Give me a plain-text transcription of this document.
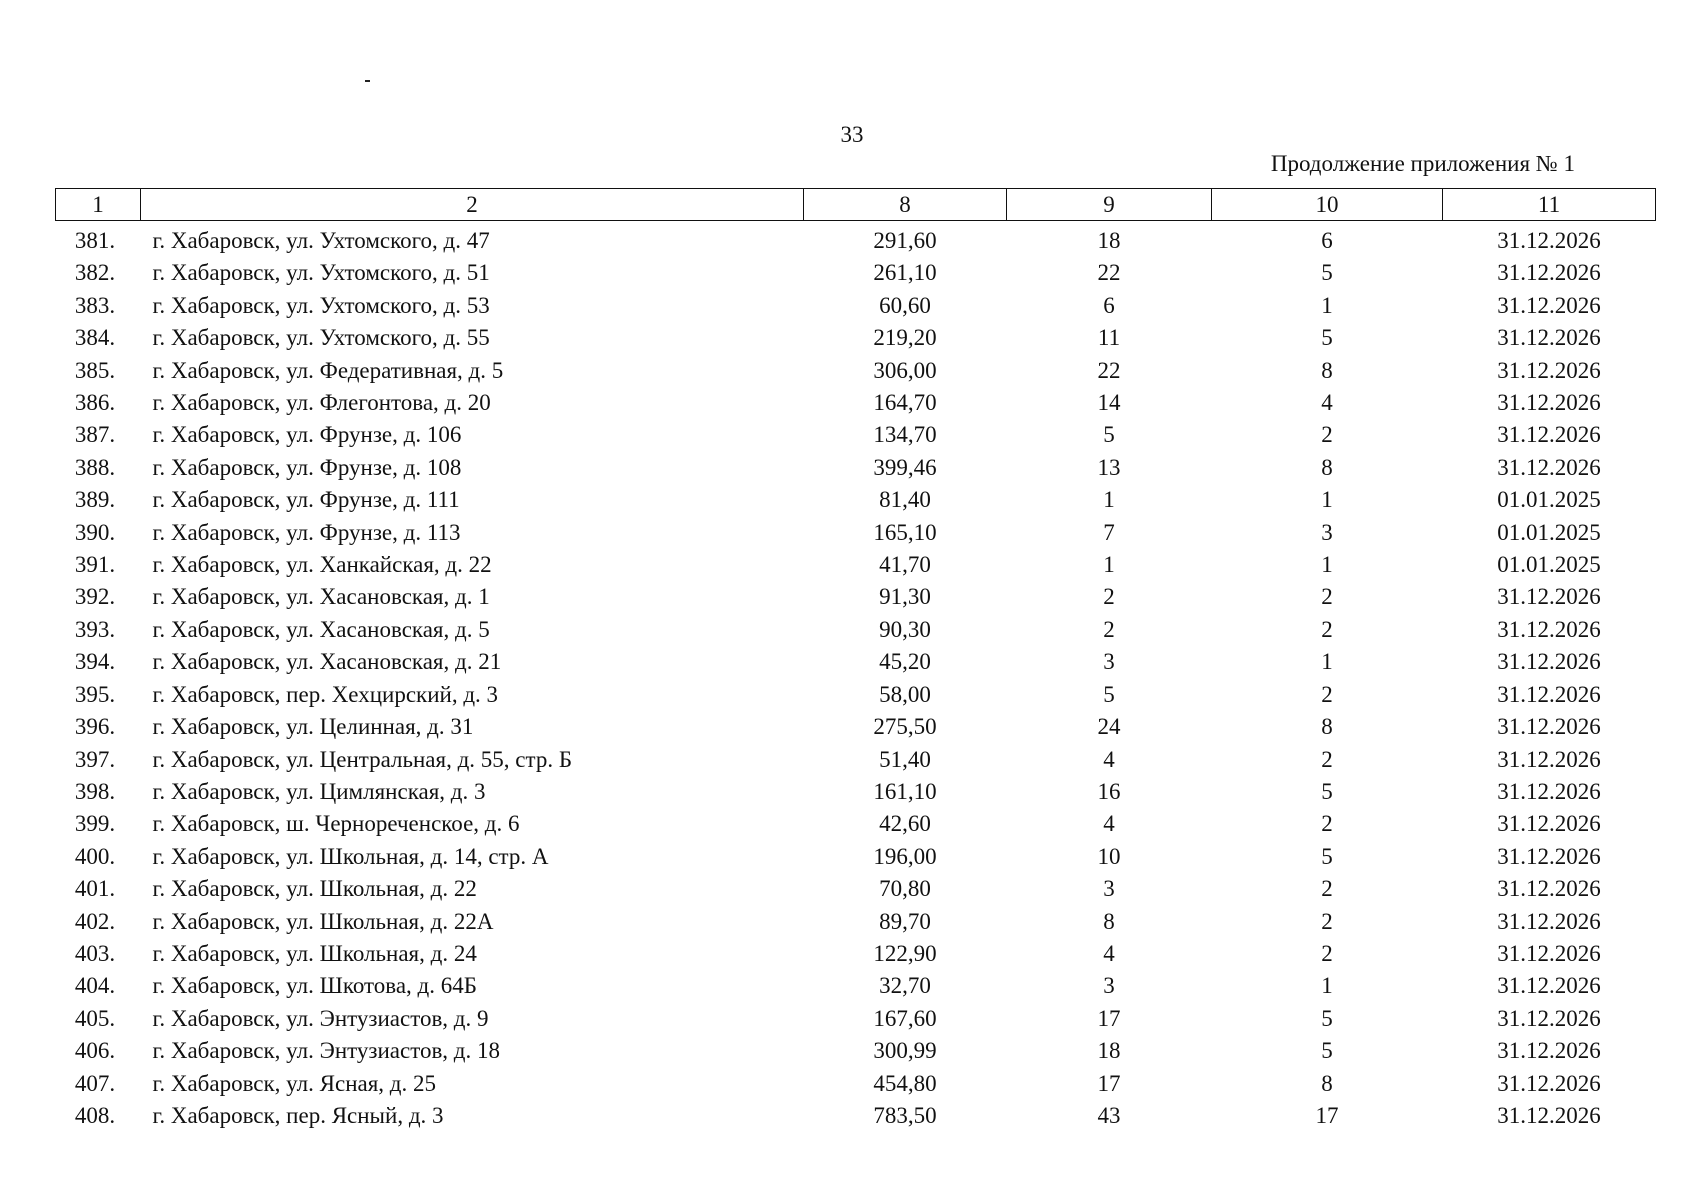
33
Продолжение приложения № 1
1	2	8	9	10	11
381.	г. Хабаровск, ул. Ухтомского, д. 47	291,60	18	6	31.12.2026
382.	г. Хабаровск, ул. Ухтомского, д. 51	261,10	22	5	31.12.2026
383.	г. Хабаровск, ул. Ухтомского, д. 53	60,60	6	1	31.12.2026
384.	г. Хабаровск, ул. Ухтомского, д. 55	219,20	11	5	31.12.2026
385.	г. Хабаровск, ул. Федеративная, д. 5	306,00	22	8	31.12.2026
386.	г. Хабаровск, ул. Флегонтова, д. 20	164,70	14	4	31.12.2026
387.	г. Хабаровск, ул. Фрунзе, д. 106	134,70	5	2	31.12.2026
388.	г. Хабаровск, ул. Фрунзе, д. 108	399,46	13	8	31.12.2026
389.	г. Хабаровск, ул. Фрунзе, д. 111	81,40	1	1	01.01.2025
390.	г. Хабаровск, ул. Фрунзе, д. 113	165,10	7	3	01.01.2025
391.	г. Хабаровск, ул. Ханкайская, д. 22	41,70	1	1	01.01.2025
392.	г. Хабаровск, ул. Хасановская, д. 1	91,30	2	2	31.12.2026
393.	г. Хабаровск, ул. Хасановская, д. 5	90,30	2	2	31.12.2026
394.	г. Хабаровск, ул. Хасановская, д. 21	45,20	3	1	31.12.2026
395.	г. Хабаровск, пер. Хехцирский, д. 3	58,00	5	2	31.12.2026
396.	г. Хабаровск, ул. Целинная, д. 31	275,50	24	8	31.12.2026
397.	г. Хабаровск, ул. Центральная, д. 55, стр. Б	51,40	4	2	31.12.2026
398.	г. Хабаровск, ул. Цимлянская, д. 3	161,10	16	5	31.12.2026
399.	г. Хабаровск, ш. Чернореченское, д. 6	42,60	4	2	31.12.2026
400.	г. Хабаровск, ул. Школьная, д. 14, стр. А	196,00	10	5	31.12.2026
401.	г. Хабаровск, ул. Школьная, д. 22	70,80	3	2	31.12.2026
402.	г. Хабаровск, ул. Школьная, д. 22А	89,70	8	2	31.12.2026
403.	г. Хабаровск, ул. Школьная, д. 24	122,90	4	2	31.12.2026
404.	г. Хабаровск, ул. Шкотова, д. 64Б	32,70	3	1	31.12.2026
405.	г. Хабаровск, ул. Энтузиастов, д. 9	167,60	17	5	31.12.2026
406.	г. Хабаровск, ул. Энтузиастов, д. 18	300,99	18	5	31.12.2026
407.	г. Хабаровск, ул. Ясная, д. 25	454,80	17	8	31.12.2026
408.	г. Хабаровск, пер. Ясный, д. 3	783,50	43	17	31.12.2026
